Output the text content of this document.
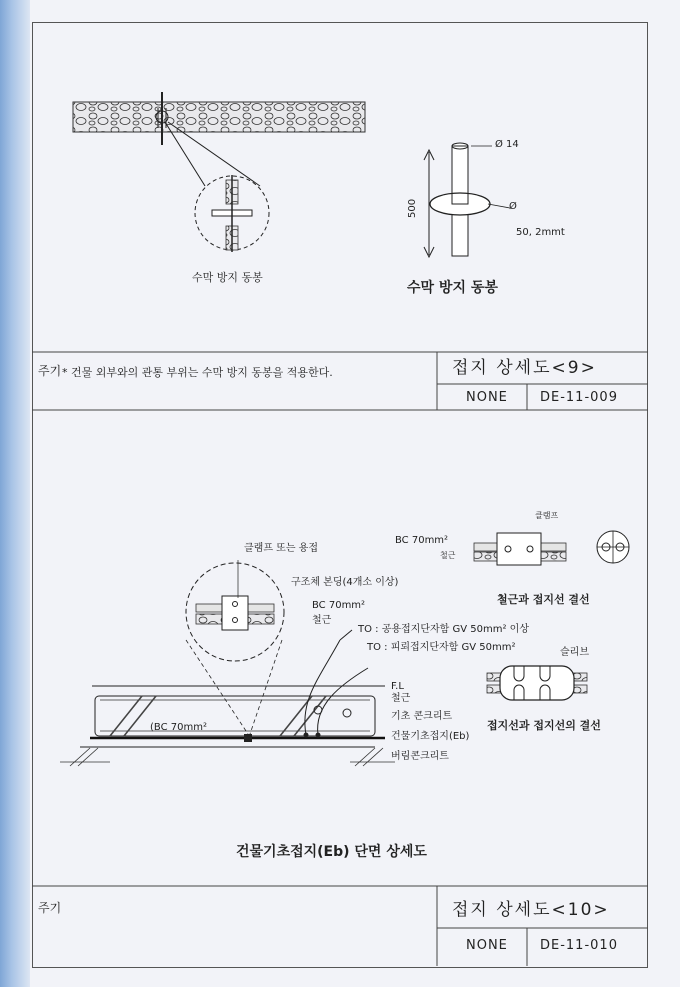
수막 방지 동봉
수막 방지 동봉
500
Ø 14
Ø
50, 2mmt
주기 * 건물 외부와의 관통 부위는 수막 방지 동봉을 적용한다.	접지 상세도<9>
NONE DE-11-009
클램프 또는 용접
구조체 본딩(4개소 이상)
BC 70mm²
철근
TO : 공용접지단자함 GV 50mm² 이상
TO : 피뢰접지단자함 GV 50mm²
F.L
철근
기초 콘크리트
건물기초접지(Eb)
버림콘크리트
(BC 70mm²
BC 70mm²
클램프
철근
철근과 접지선 결선
슬리브
접지선과 접지선의 결선
건물기초접지(Eb) 단면 상세도
주기	접지 상세도<10>
NONE DE-11-010
